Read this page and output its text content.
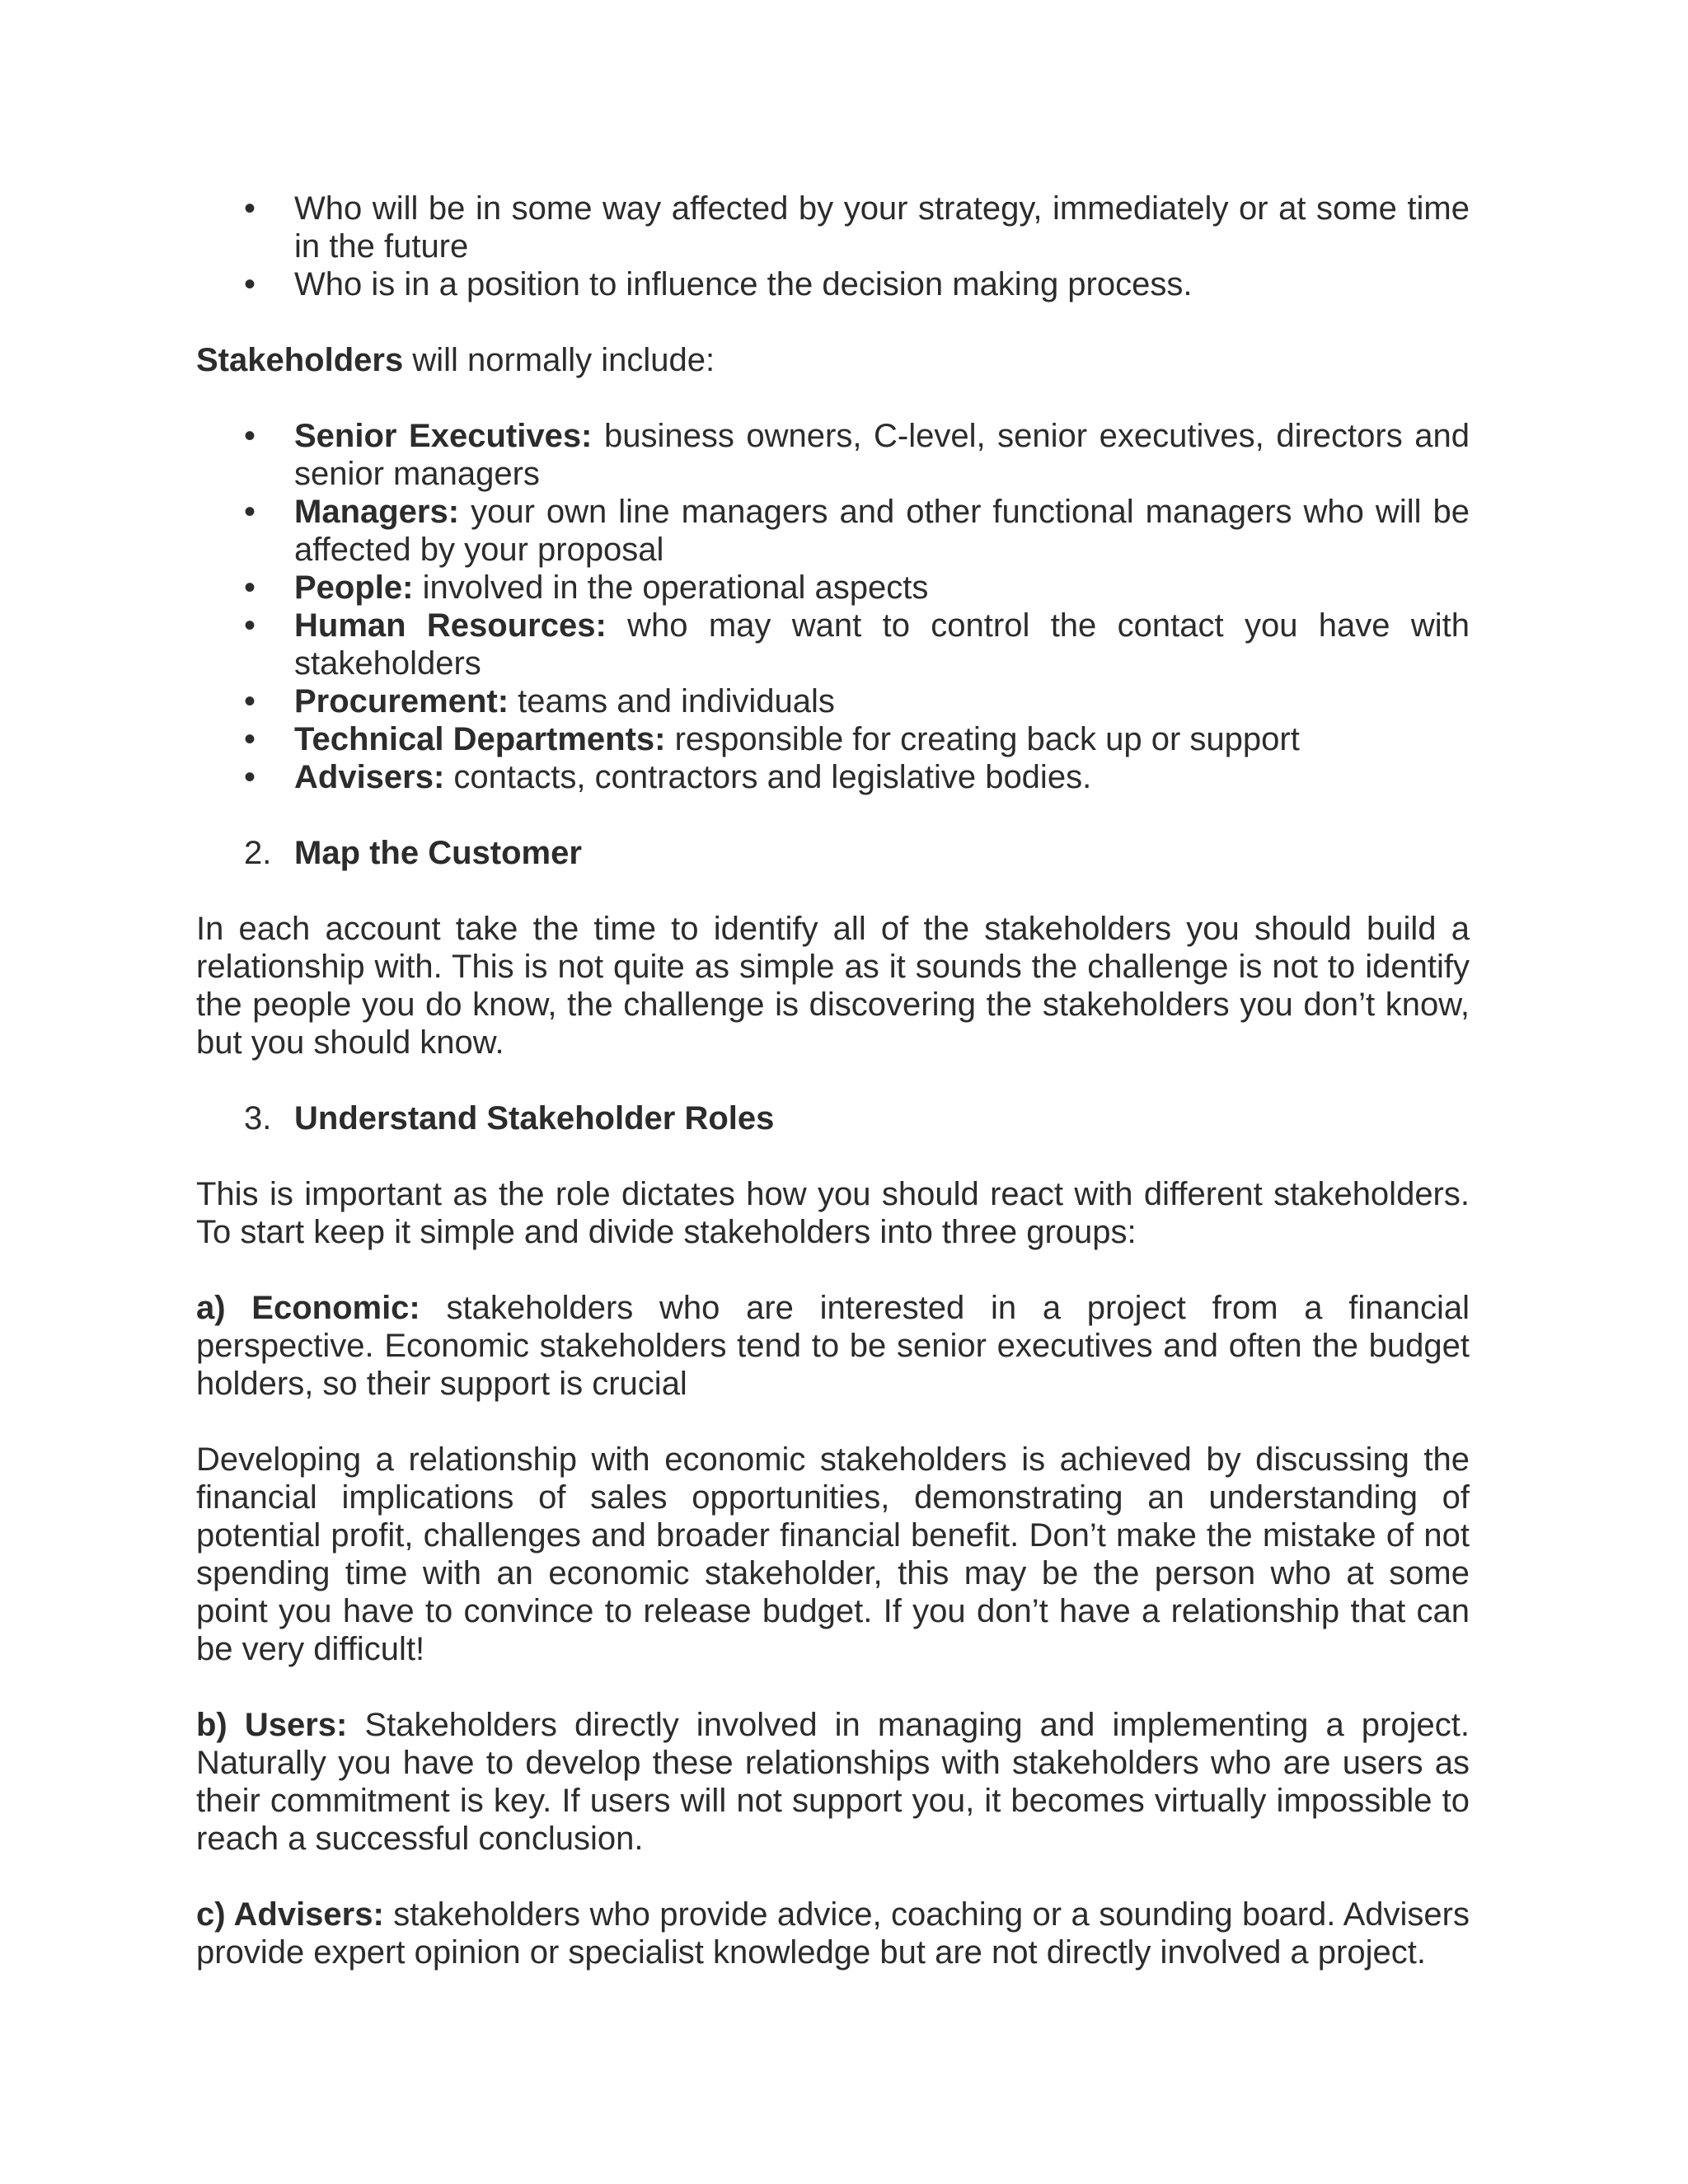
• Who will be in some way affected by your strategy, immediately or at some time in the future
• Who is in a position to influence the decision making process.

Stakeholders will normally include:

• Senior Executives: business owners, C-level, senior executives, directors and senior managers
• Managers: your own line managers and other functional managers who will be affected by your proposal
• People: involved in the operational aspects
• Human Resources: who may want to control the contact you have with stakeholders
• Procurement: teams and individuals
• Technical Departments: responsible for creating back up or support
• Advisers: contacts, contractors and legislative bodies.

2. Map the Customer

In each account take the time to identify all of the stakeholders you should build a relationship with. This is not quite as simple as it sounds the challenge is not to identify the people you do know, the challenge is discovering the stakeholders you don’t know, but you should know.

3. Understand Stakeholder Roles

This is important as the role dictates how you should react with different stakeholders. To start keep it simple and divide stakeholders into three groups:

a) Economic: stakeholders who are interested in a project from a financial perspective. Economic stakeholders tend to be senior executives and often the budget holders, so their support is crucial

Developing a relationship with economic stakeholders is achieved by discussing the financial implications of sales opportunities, demonstrating an understanding of potential profit, challenges and broader financial benefit. Don’t make the mistake of not spending time with an economic stakeholder, this may be the person who at some point you have to convince to release budget. If you don’t have a relationship that can be very difficult!

b) Users: Stakeholders directly involved in managing and implementing a project. Naturally you have to develop these relationships with stakeholders who are users as their commitment is key. If users will not support you, it becomes virtually impossible to reach a successful conclusion.

c) Advisers: stakeholders who provide advice, coaching or a sounding board. Advisers provide expert opinion or specialist knowledge but are not directly involved a project.
